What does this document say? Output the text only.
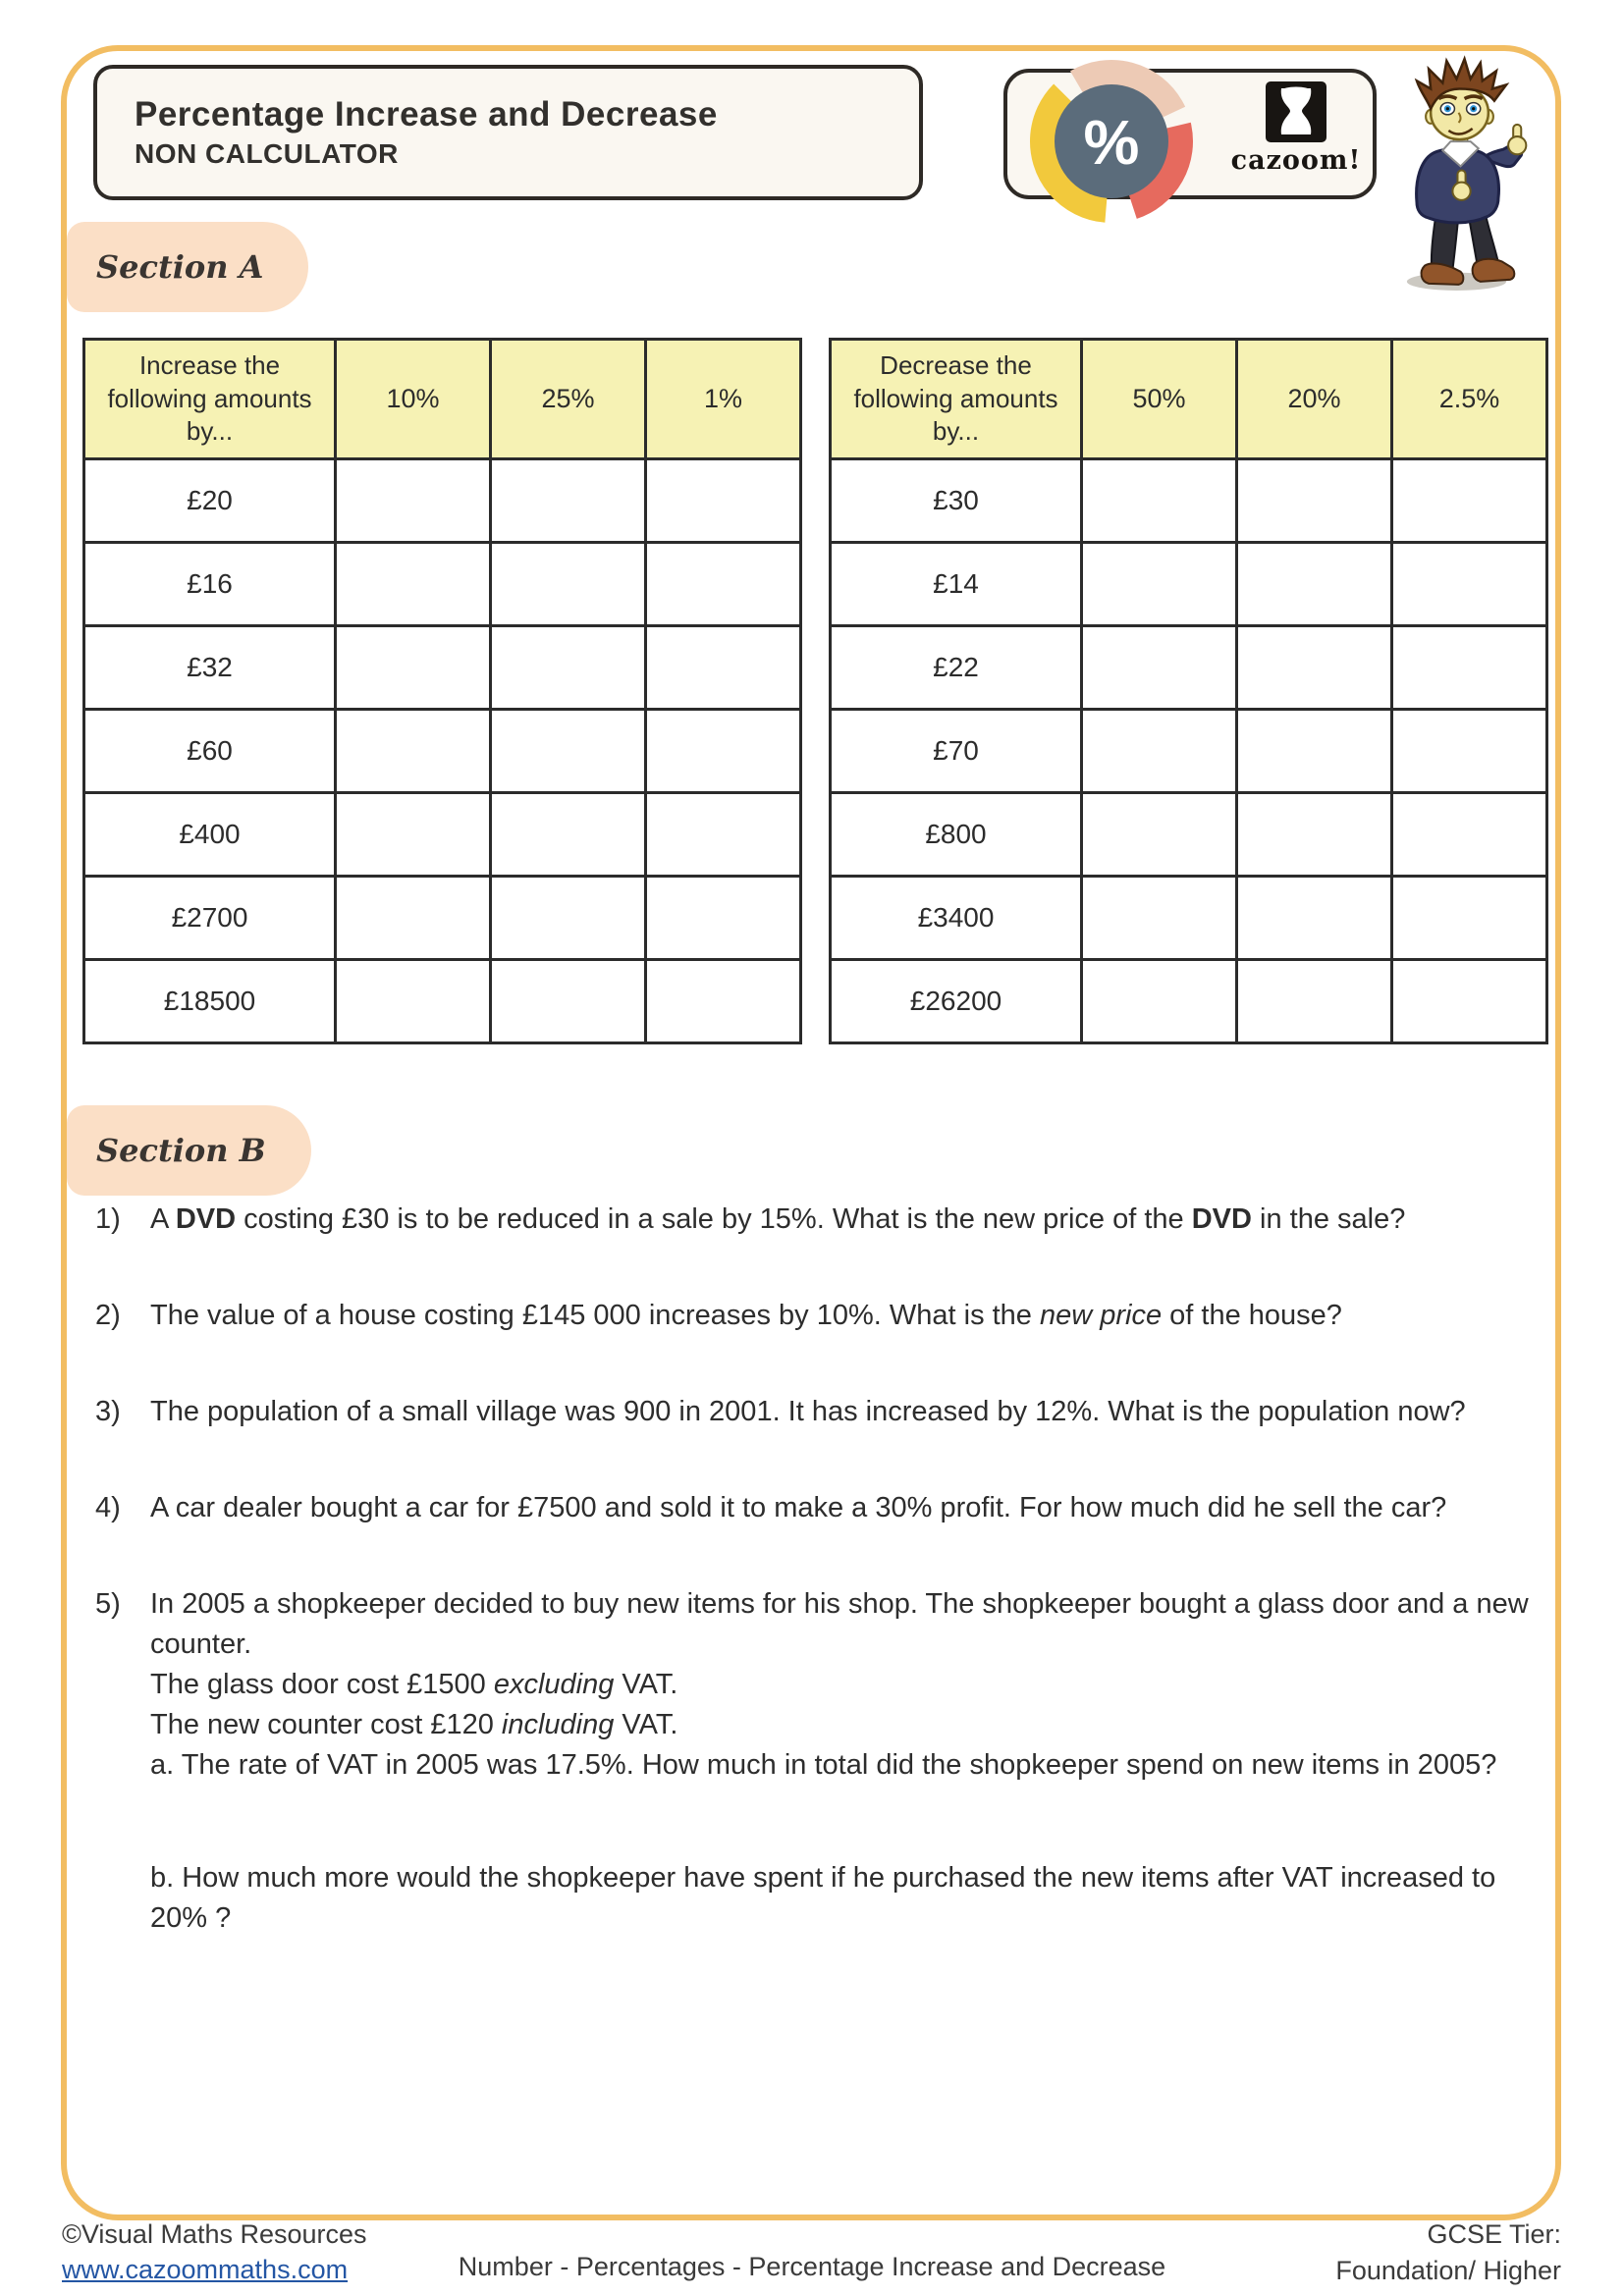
Percentage Increase and Decrease
NON CALCULATOR	%	cazoom!
Section A
Increase the following amounts by...	10%	25%	1%
£20			
£16			
£32			
£60			
£400			
£2700			
£18500			
Decrease the following amounts by...	50%	20%	2.5%
£30			
£14			
£22			
£70			
£800			
£3400			
£26200			
Section B
1)	A DVD costing £30 is to be reduced in a sale by 15%. What is the new price of the DVD in the sale?

2)	The value of a house costing £145 000 increases by 10%. What is the new price of the house?

3)	The population of a small village was 900 in 2001. It has increased by 12%. What is the population now?

4)	A car dealer bought a car for £7500 and sold it to make a 30% profit. For how much did he sell the car?

5)	In 2005 a shopkeeper decided to buy new items for his shop. The shopkeeper bought a glass door and a new counter.

The glass door cost £1500 excluding VAT.

The new counter cost £120 including VAT.

a. The rate of VAT in 2005 was 17.5%. How much in total did the shopkeeper spend on new items in 2005?

b. How much more would the shopkeeper have spent if he purchased the new items after VAT increased to 20% ?

©Visual Maths Resources
www.cazoommaths.com	Number - Percentages - Percentage Increase and Decrease
GCSE Tier:
Foundation/ Higher
